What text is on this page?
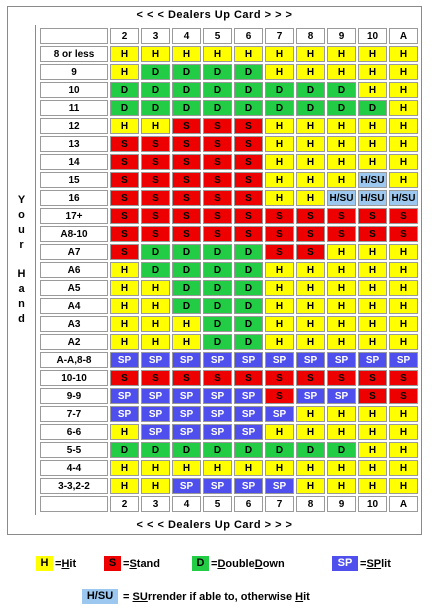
< < < Dealers Up Card > > >
Y
o
u
r
H
a
n
d
	2	3	4	5	6	7	8	9	10	A
8 or less	H	H	H	H	H	H	H	H	H	H
9	H	D	D	D	D	H	H	H	H	H
10	D	D	D	D	D	D	D	D	H	H
11	D	D	D	D	D	D	D	D	D	H
12	H	H	S	S	S	H	H	H	H	H
13	S	S	S	S	S	H	H	H	H	H
14	S	S	S	S	S	H	H	H	H	H
15	S	S	S	S	S	H	H	H	H/SU	H
16	S	S	S	S	S	H	H	H/SU	H/SU	H/SU
17+	S	S	S	S	S	S	S	S	S	S
A8-10	S	S	S	S	S	S	S	S	S	S
A7	S	D	D	D	D	S	S	H	H	H
A6	H	D	D	D	D	H	H	H	H	H
A5	H	H	D	D	D	H	H	H	H	H
A4	H	H	D	D	D	H	H	H	H	H
A3	H	H	H	D	D	H	H	H	H	H
A2	H	H	H	D	D	H	H	H	H	H
A-A,8-8	SP	SP	SP	SP	SP	SP	SP	SP	SP	SP
10-10	S	S	S	S	S	S	S	S	S	S
9-9	SP	SP	SP	SP	SP	S	SP	SP	S	S
7-7	SP	SP	SP	SP	SP	SP	H	H	H	H
6-6	H	SP	SP	SP	SP	H	H	H	H	H
5-5	D	D	D	D	D	D	D	D	H	H
4-4	H	H	H	H	H	H	H	H	H	H
3-3,2-2	H	H	SP	SP	SP	SP	H	H	H	H
	2	3	4	5	6	7	8	9	10	A
< < < Dealers Up Card > > >
H = H it	S = S tand	D = D ouble D own	SP = SP lit
H/SU = SU rrender if able to, otherwise H it
